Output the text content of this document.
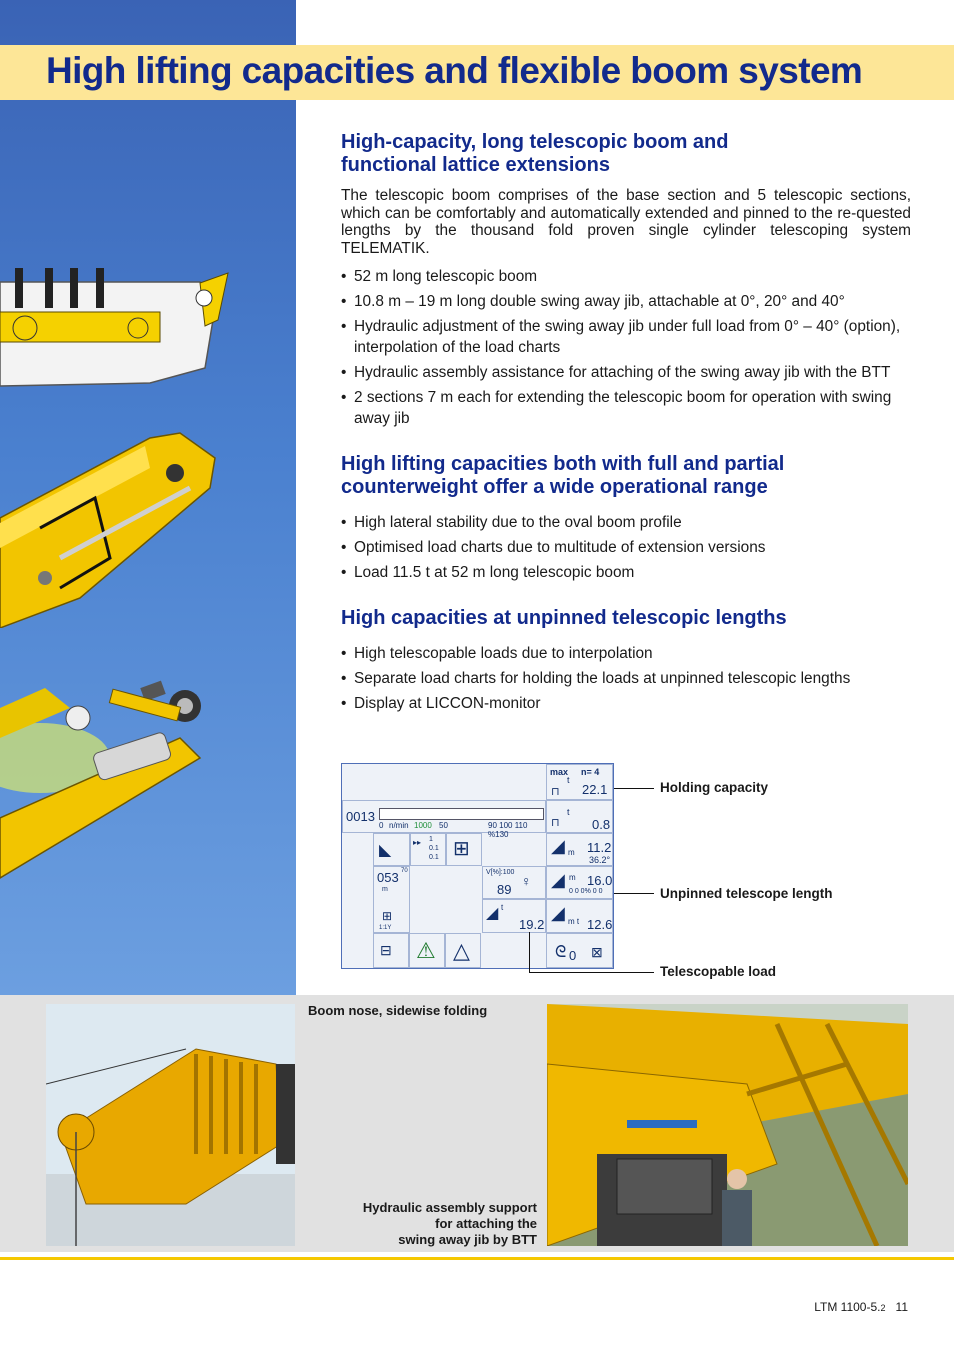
High lifting capacities and flexible boom system
High-capacity, long telescopic boom and
functional lattice extensions

The telescopic boom comprises of the base section and 5 telescopic sections, which can be comfortably and automatically extended and pinned to the re-quested lengths by the thousand fold proven single cylinder telescoping system TELEMATIK.

• 52 m long telescopic boom
• 10.8 m – 19 m long double swing away jib, attachable at 0°, 20° and 40°
• Hydraulic adjustment of the swing away jib under full load from 0° – 40° (option), interpolation of the load charts
• Hydraulic assembly assistance for attaching of the swing away jib with the BTT
• 2 sections 7 m each for extending the telescopic boom for operation with swing away jib
High lifting capacities both with full and partial
counterweight offer a wide operational range
• High lateral stability due to the oval boom profile
• Optimised load charts due to multitude of extension versions
• Load 11.5 t at 52 m long telescopic boom
High capacities at unpinned telescopic lengths
• High telescopable loads due to interpolation
• Separate load charts for holding the loads at unpinned telescopic lengths
• Display at LICCON-monitor
max n= 4
t
22.1
⊓
t
⊓ 0.8
◢ m 11.2
36.2°
◢ m 16.0
0 0 0% 0 0
◢ m t 12.6
ᘓ 0 ⊠
0013
0 n/min 1000 50	90 100 110 %130
◣	▸▸ 1
0.1
0.1 ⊞
053 70
m
⊞
1:1Y
V[%]:100
89
♀
◢ t
19.2
⊟ ⚠ △
Holding capacity
Unpinned telescope length
Telescopable load
Boom nose, sidewise folding
Hydraulic assembly support
for attaching the
swing away jib by BTT
LTM 1100-5.2 11
